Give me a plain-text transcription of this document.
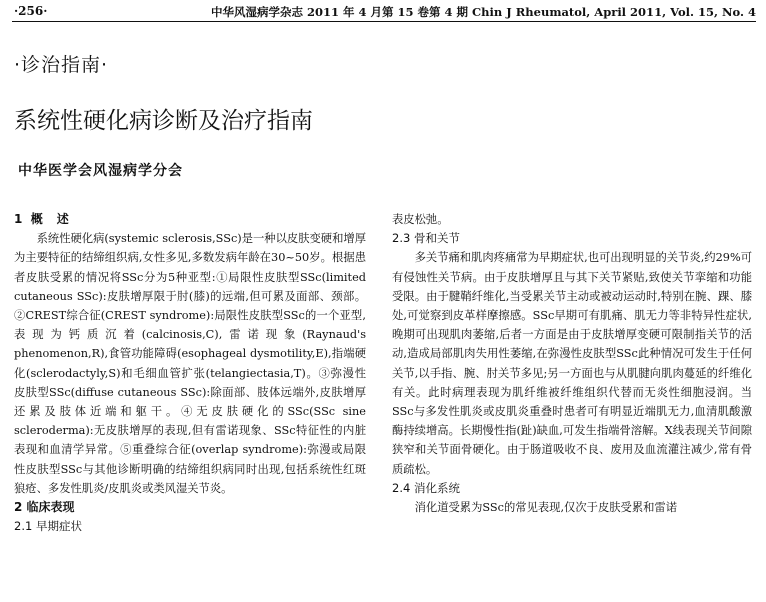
·256·	中华风湿病学杂志 2011 年 4 月第 15 卷第 4 期 Chin J Rheumatol, April 2011, Vol. 15, No. 4
·诊治指南·
系统性硬化病诊断及治疗指南
中华医学会风湿病学分会
1 概述
系统性硬化病(systemic sclerosis,SSc)是一种以皮肤变硬和增厚为主要特征的结缔组织病,女性多见,多数发病年龄在30~50岁。根据患者皮肤受累的情况将SSc分为5种亚型:①局限性皮肤型SSc(limited cutaneous SSc):皮肤增厚限于肘(膝)的远端,但可累及面部、颈部。②CREST综合征(CREST syndrome):局限性皮肤型SSc的一个亚型,表现为钙质沉着(calcinosis,C),雷诺现象(Raynaud's phenomenon,R),食管功能障碍(esophageal dysmotility,E),指端硬化(sclerodactyly,S)和毛细血管扩张(telangiectasia,T)。③弥漫性皮肤型SSc(diffuse cutaneous SSc):除面部、肢体远端外,皮肤增厚还累及肢体近端和躯干。④无皮肤硬化的SSc(SSc sine scleroderma):无皮肤增厚的表现,但有雷诺现象、SSc特征性的内脏表现和血清学异常。⑤重叠综合征(overlap syndrome):弥漫或局限性皮肤型SSc与其他诊断明确的结缔组织病同时出现,包括系统性红斑狼疮、多发性肌炎/皮肌炎或类风湿关节炎。
2 临床表现
2.1 早期症状
表皮松弛。
2.3 骨和关节
多关节痛和肌肉疼痛常为早期症状,也可出现明显的关节炎,约29%可有侵蚀性关节病。由于皮肤增厚且与其下关节紧贴,致使关节挛缩和功能受限。由于腱鞘纤维化,当受累关节主动或被动运动时,特别在腕、踝、膝处,可觉察到皮革样摩擦感。SSc早期可有肌痛、肌无力等非特异性症状,晚期可出现肌肉萎缩,后者一方面是由于皮肤增厚变硬可限制指关节的活动,造成局部肌肉失用性萎缩,在弥漫性皮肤型SSc此种情况可发生于任何关节,以手指、腕、肘关节多见;另一方面也与从肌腱向肌肉蔓延的纤维化有关。此时病理表现为肌纤维被纤维组织代替而无炎性细胞浸润。当SSc与多发性肌炎或皮肌炎重叠时患者可有明显近端肌无力,血清肌酸激酶持续增高。长期慢性指(趾)缺血,可发生指端骨溶解。X线表现关节间隙狭窄和关节面骨硬化。由于肠道吸收不良、废用及血流灌注减少,常有骨质疏松。
2.4 消化系统
消化道受累为SSc的常见表现,仅次于皮肤受累和雷诺
